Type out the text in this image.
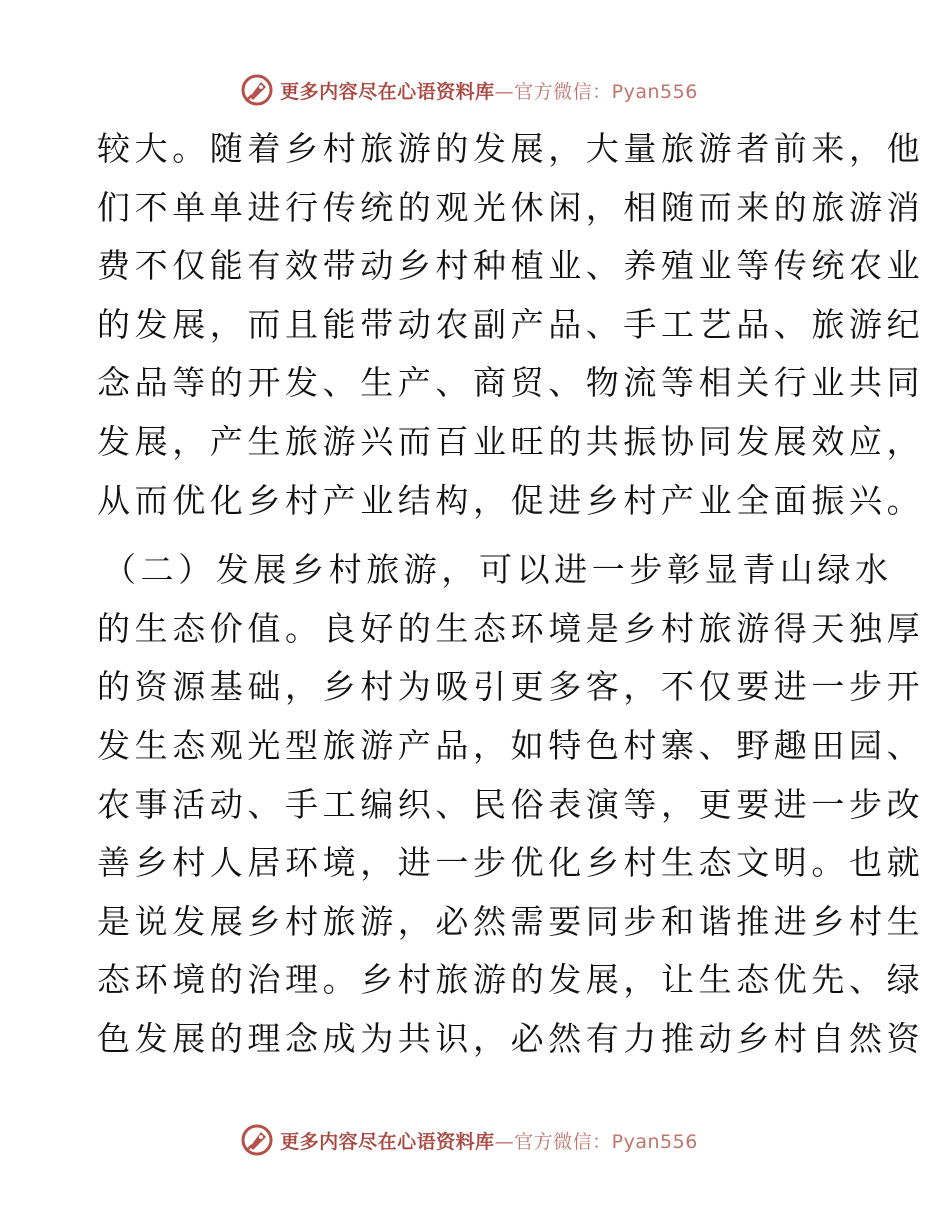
更多内容尽在心语资料库—官方微信：Pyan556
较大。随着乡村旅游的发展，大量旅游者前来，他
们不单单进行传统的观光休闲，相随而来的旅游消
费不仅能有效带动乡村种植业、养殖业等传统农业
的发展，而且能带动农副产品、手工艺品、旅游纪
念品等的开发、生产、商贸、物流等相关行业共同
发展，产生旅游兴而百业旺的共振协同发展效应，
从而优化乡村产业结构，促进乡村产业全面振兴。
（二）发展乡村旅游，可以进一步彰显青山绿水
的生态价值。良好的生态环境是乡村旅游得天独厚
的资源基础，乡村为吸引更多客，不仅要进一步开
发生态观光型旅游产品，如特色村寨、野趣田园、
农事活动、手工编织、民俗表演等，更要进一步改
善乡村人居环境，进一步优化乡村生态文明。也就
是说发展乡村旅游，必然需要同步和谐推进乡村生
态环境的治理。乡村旅游的发展，让生态优先、绿
色发展的理念成为共识，必然有力推动乡村自然资
更多内容尽在心语资料库—官方微信：Pyan556
